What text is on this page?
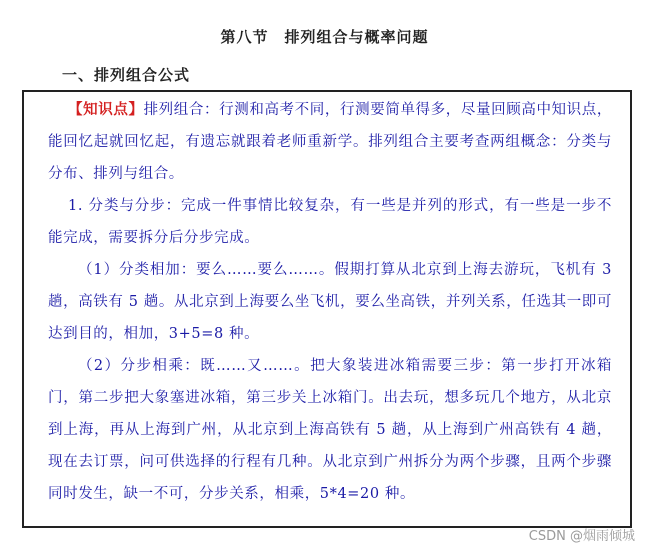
第八节　排列组合与概率问题
一、排列组合公式
【知识点】排列组合：行测和高考不同，行测要简单得多，尽量回顾高中知识点，能回忆起就回忆起，有遗忘就跟着老师重新学。排列组合主要考查两组概念：分类与分布、排列与组合。
1. 分类与分步：完成一件事情比较复杂，有一些是并列的形式，有一些是一步不能完成，需要拆分后分步完成。
（1）分类相加：要么……要么……。假期打算从北京到上海去游玩，飞机有 3 趟，高铁有 5 趟。从北京到上海要么坐飞机，要么坐高铁，并列关系，任选其一即可达到目的，相加，3+5=8 种。
（2）分步相乘：既……又……。把大象装进冰箱需要三步：第一步打开冰箱门，第二步把大象塞进冰箱，第三步关上冰箱门。出去玩，想多玩几个地方，从北京到上海，再从上海到广州，从北京到上海高铁有 5 趟，从上海到广州高铁有 4 趟，现在去订票，问可供选择的行程有几种。从北京到广州拆分为两个步骤，且两个步骤同时发生，缺一不可，分步关系，相乘，5*4=20 种。
CSDN @烟雨倾城
